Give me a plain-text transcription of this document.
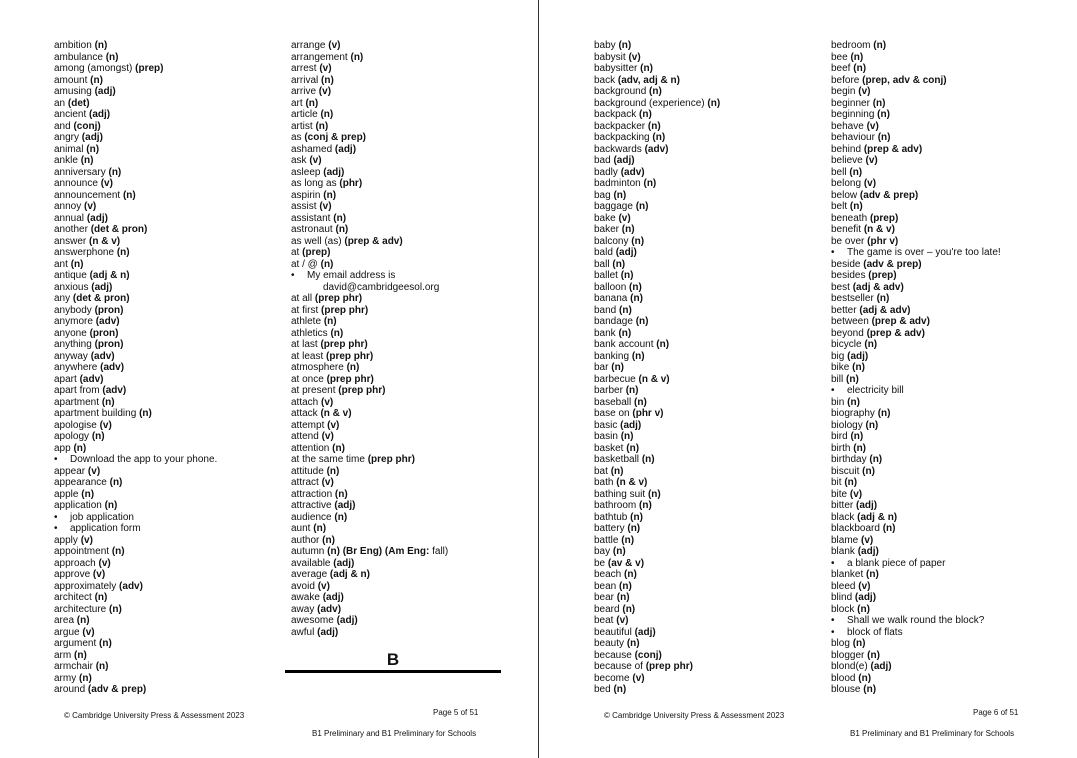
ambition (n)
ambulance (n)
among (amongst) (prep)
amount (n)
amusing (adj)
an (det)
ancient (adj)
and (conj)
angry (adj)
animal (n)
ankle (n)
anniversary (n)
announce (v)
announcement (n)
annoy (v)
annual (adj)
another (det & pron)
answer (n & v)
answerphone (n)
ant (n)
antique (adj & n)
anxious (adj)
any (det & pron)
anybody (pron)
anymore (adv)
anyone (pron)
anything (pron)
anyway (adv)
anywhere (adv)
apart (adv)
apart from (adv)
apartment (n)
apartment building (n)
apologise (v)
apology (n)
app (n)
• Download the app to your phone.
appear (v)
appearance (n)
apple (n)
application (n)
• job application
• application form
apply (v)
appointment (n)
approach (v)
approve (v)
approximately (adv)
architect (n)
architecture (n)
area (n)
argue (v)
argument (n)
arm (n)
armchair (n)
army (n)
around (adv & prep)
arrange (v)
arrangement (n)
arrest (v)
arrival (n)
arrive (v)
art (n)
article (n)
artist (n)
as (conj & prep)
ashamed (adj)
ask (v)
asleep (adj)
as long as (phr)
aspirin (n)
assist (v)
assistant (n)
astronaut (n)
as well (as) (prep & adv)
at (prep)
at / @ (n)
• My email address is
david@cambridgeesol.org
at all (prep phr)
at first (prep phr)
athlete (n)
athletics (n)
at last (prep phr)
at least (prep phr)
atmosphere (n)
at once (prep phr)
at present (prep phr)
attach (v)
attack (n & v)
attempt (v)
attend (v)
attention (n)
at the same time (prep phr)
attitude (n)
attract (v)
attraction (n)
attractive (adj)
audience (n)
aunt (n)
author (n)
autumn (n) (Br Eng) (Am Eng: fall)
available (adj)
average (adj & n)
avoid (v)
awake (adj)
away (adv)
awesome (adj)
awful (adj)
B
© Cambridge University Press & Assessment 2023	Page 5 of 51
B1 Preliminary and B1 Preliminary for Schools
baby (n)
babysit (v)
babysitter (n)
back (adv, adj & n)
background (n)
background (experience) (n)
backpack (n)
backpacker (n)
backpacking (n)
backwards (adv)
bad (adj)
badly (adv)
badminton (n)
bag (n)
baggage (n)
bake (v)
baker (n)
balcony (n)
bald (adj)
ball (n)
ballet (n)
balloon (n)
banana (n)
band (n)
bandage (n)
bank (n)
bank account (n)
banking (n)
bar (n)
barbecue (n & v)
barber (n)
baseball (n)
base on (phr v)
basic (adj)
basin (n)
basket (n)
basketball (n)
bat (n)
bath (n & v)
bathing suit (n)
bathroom (n)
bathtub (n)
battery (n)
battle (n)
bay (n)
be (av & v)
beach (n)
bean (n)
bear (n)
beard (n)
beat (v)
beautiful (adj)
beauty (n)
because (conj)
because of (prep phr)
become (v)
bed (n)
bedroom (n)
bee (n)
beef (n)
before (prep, adv & conj)
begin (v)
beginner (n)
beginning (n)
behave (v)
behaviour (n)
behind (prep & adv)
believe (v)
bell (n)
belong (v)
below (adv & prep)
belt (n)
beneath (prep)
benefit (n & v)
be over (phr v)
• The game is over – you're too late!
beside (adv & prep)
besides (prep)
best (adj & adv)
bestseller (n)
better (adj & adv)
between (prep & adv)
beyond (prep & adv)
bicycle (n)
big (adj)
bike (n)
bill (n)
• electricity bill
bin (n)
biography (n)
biology (n)
bird (n)
birth (n)
birthday (n)
biscuit (n)
bit (n)
bite (v)
bitter (adj)
black (adj & n)
blackboard (n)
blame (v)
blank (adj)
• a blank piece of paper
blanket (n)
bleed (v)
blind (adj)
block (n)
• Shall we walk round the block?
• block of flats
blog (n)
blogger (n)
blond(e) (adj)
blood (n)
blouse (n)
© Cambridge University Press & Assessment 2023	Page 6 of 51
B1 Preliminary and B1 Preliminary for Schools
